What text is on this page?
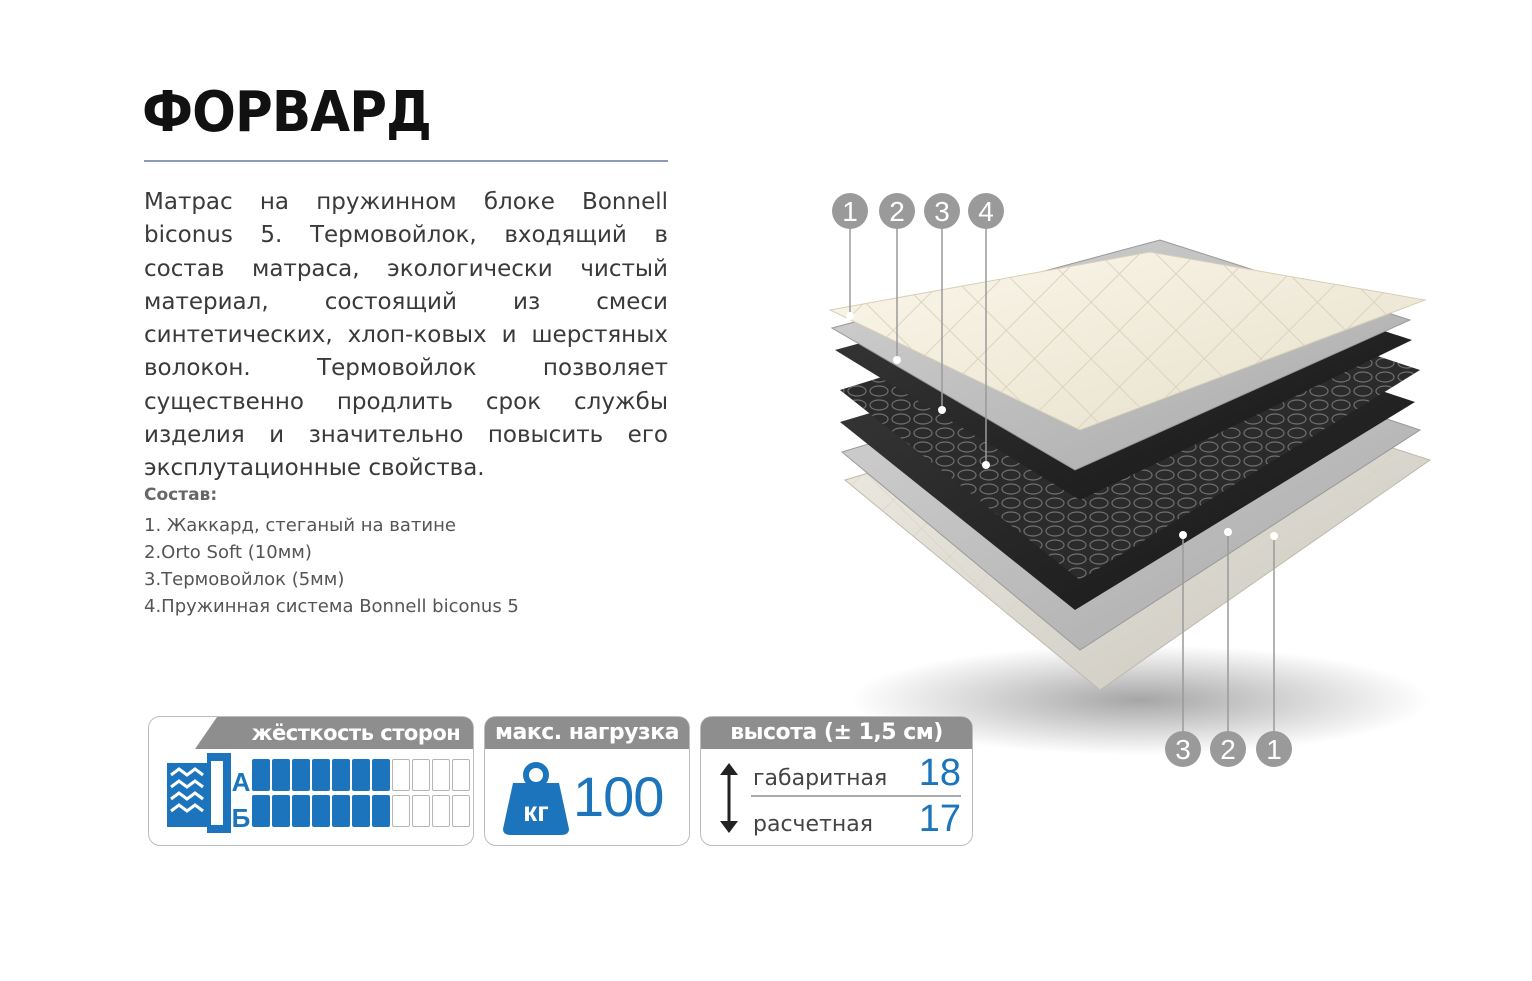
ФОРВАРД

Матрас на пружинном блоке Bonnell biconus 5. Термовойлок, входящий в состав матраса, экологически чистый материал, состоящий из смеси синтетических, хлоп-ковых и шерстяных волокон. Термовойлок позволяет существенно продлить срок службы изделия и значительно повысить его эксплутационные свойства.

Состав:
1. Жаккард, стеганый на ватине
2.Orto Soft (10мм)
3.Термовойлок (5мм)
4.Пружинная система Bonnell biconus 5
1 2 3 4
3 2 1
жёсткость сторон
А
Б
макс. нагрузка
кг 100
высота (± 1,5 см)
габаритная 18
расчетная 17
